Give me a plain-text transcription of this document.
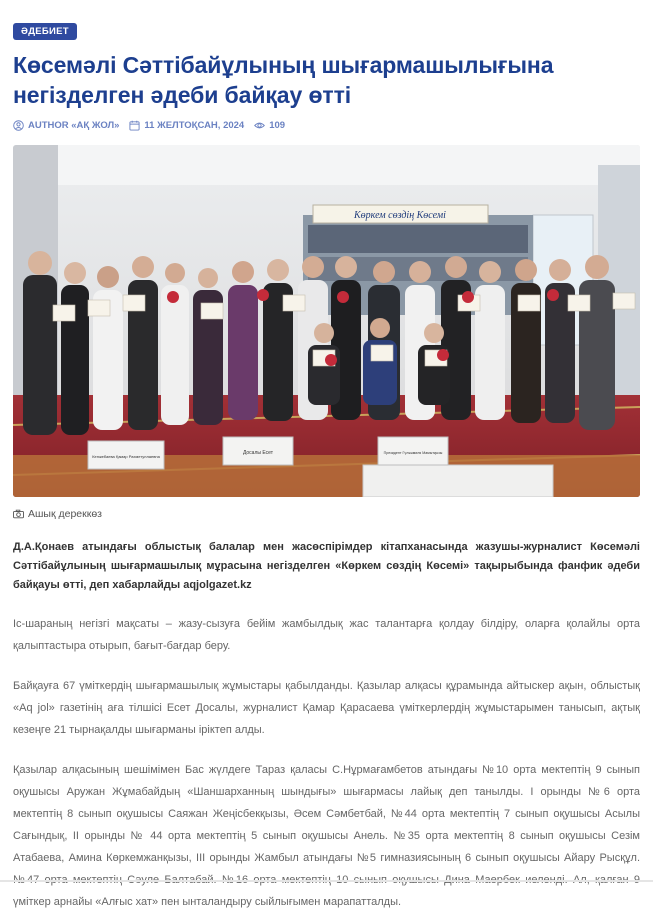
ӘДЕБИЕТ
Көсемәлі Сәттібайұлының шығармашылығына негізделген әдеби байқау өтті
AUTHOR «АҚ ЖОЛ»	11 ЖЕЛТОҚСАН, 2024	109
Көркем сөздің Көсемі
Кенжебаева Қамар Рахметуллаевна
Досалы Есет	Президент Гүлжәмиля Мамытқызы
Ашық дереккөз
Д.А.Қонаев атындағы облыстық балалар мен жасөспірімдер кітапханасында жазушы-журналист Көсемәлі Сәттібайұлының шығармашылық мұрасына негізделген «Көркем сөздің Көсемі» тақырыбында фанфик әдеби байқауы өтті, деп хабарлайды aqjolgazet.kz
Іс-шараның негізгі мақсаты – жазу-сызуға бейім жамбылдық жас талантарға қолдау білдіру, оларға қолайлы орта қалыптастыра отырып, бағыт-бағдар беру.
Байқауға 67 үміткердің шығармашылық жұмыстары қабылданды. Қазылар алқасы құрамында айтыскер ақын, облыстық «Aq jol» газетінің аға тілшісі Есет Досалы, журналист Қамар Қарасаева үміткерлердің жұмыстарымен танысып, ақтық кезеңге 21 тырнақалды шығарманы іріктеп алды.
Қазылар алқасының шешімімен Бас жүлдеге Тараз қаласы С.Нұрмағамбетов атындағы №10 орта мектептің 9 сынып оқушысы Аружан Жұмабайдың «Шаншарханның шындығы» шығармасы лайық деп танылды. І орынды №6 орта мектептің 8 сынып оқушысы Саяжан Жеңісбекқызы, Әсем Сәмбетбай, №44 орта мектептің 7 сынып оқушысы Асылы Сағындық, ІІ орынды № 44 орта мектептің 5 сынып оқушысы Анель. №35 орта мектептің 8 сынып оқушысы Сезім Атабаева, Амина Көркемжанқызы, ІІІ орынды Жамбыл атындағы №5 гимназиясының 6 сынып оқушысы Айару Рысқұл. үміткер арнайы «Алғыс хат» пен ынталандыру сыйлығымен марапатталды.
